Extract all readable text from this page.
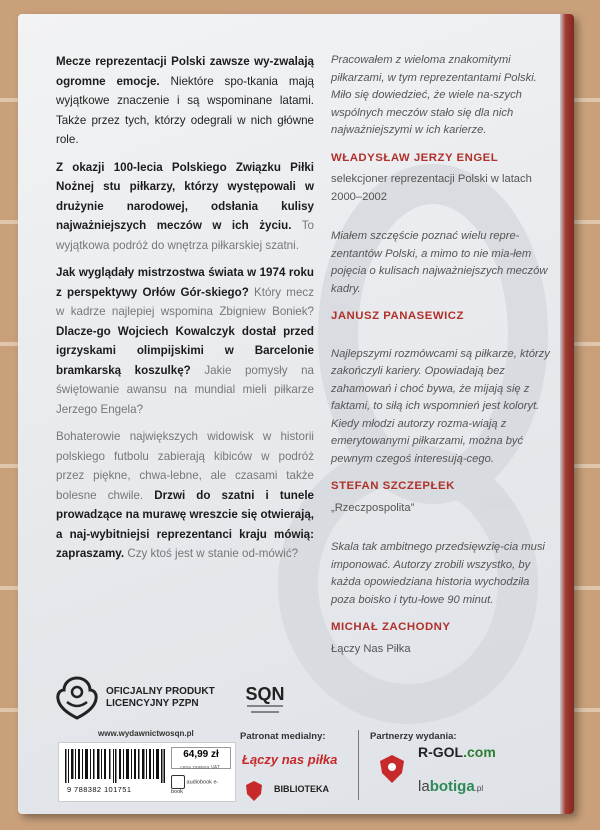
Mecze reprezentacji Polski zawsze wy-zwalają ogromne emocje. Niektóre spo-tkania mają wyjątkowe znaczenie i są wspominane latami. Także przez tych, którzy odegrali w nich główne role.

Z okazji 100-lecia Polskiego Związku Piłki Nożnej stu piłkarzy, którzy występowali w drużynie narodowej, odsłania kulisy najważniejszych meczów w ich życiu. To wyjątkowa podróż do wnętrza piłkarskiej szatni.

Jak wyglądały mistrzostwa świata w 1974 roku z perspektywy Orłów Gór-skiego? Który mecz w kadrze najlepiej wspomina Zbigniew Boniek? Dlacze-go Wojciech Kowalczyk dostał przed igrzyskami olimpijskimi w Barcelonie bramkarską koszulkę? Jakie pomysły na świętowanie awansu na mundial mieli piłkarze Jerzego Engela?

Bohaterowie największych widowisk w historii polskiego futbolu zabierają kibiców w podróż przez piękne, chwa-lebne, ale czasami także bolesne chwile. Drzwi do szatni i tunele prowadzące na murawę wreszcie się otwierają, a naj-wybitniejsi reprezentanci kraju mówią: zapraszamy. Czy ktoś jest w stanie od-mówić?

Pracowałem z wieloma znakomitymi piłkarzami, w tym reprezentantami Polski. Miło się dowiedzieć, że wiele na-szych wspólnych meczów stało się dla nich najważniejszymi w ich karierze.

WŁADYSŁAW JERZY ENGEL

selekcjoner reprezentacji Polski w latach 2000–2002

Miałem szczęście poznać wielu repre-zentantów Polski, a mimo to nie mia-łem pojęcia o kulisach najważniejszych meczów kadry.

JANUSZ PANASEWICZ

Najlepszymi rozmówcami są piłkarze, którzy zakończyli kariery. Opowiadają bez zahamowań i choć bywa, że mijają się z faktami, to siłą ich wspomnień jest koloryt. Kiedy młodzi autorzy rozma-wiają z emerytowanymi piłkarzami, można być pewnym czegoś interesują-cego.

STEFAN SZCZEPŁEK

„Rzeczpospolita”

Skala tak ambitnego przedsięwzię-cia musi imponować. Autorzy zrobili wszystko, by każda opowiedziana historia wychodziła poza boisko i tytu-łowe 90 minut.

MICHAŁ ZACHODNY

Łączy Nas Piłka

OFICJALNY PRODUKT
LICENCYJNY PZPN	SQN
www.wydawnictwosqn.pl
9 788382 101751
64,99 zł
cena zawiera VAT
audiobook e-book
Patronat medialny:
Łączy nas piłka
BIBLIOTEKA
Partnerzy wydania:
R-GOL.com
labotiga.pl
